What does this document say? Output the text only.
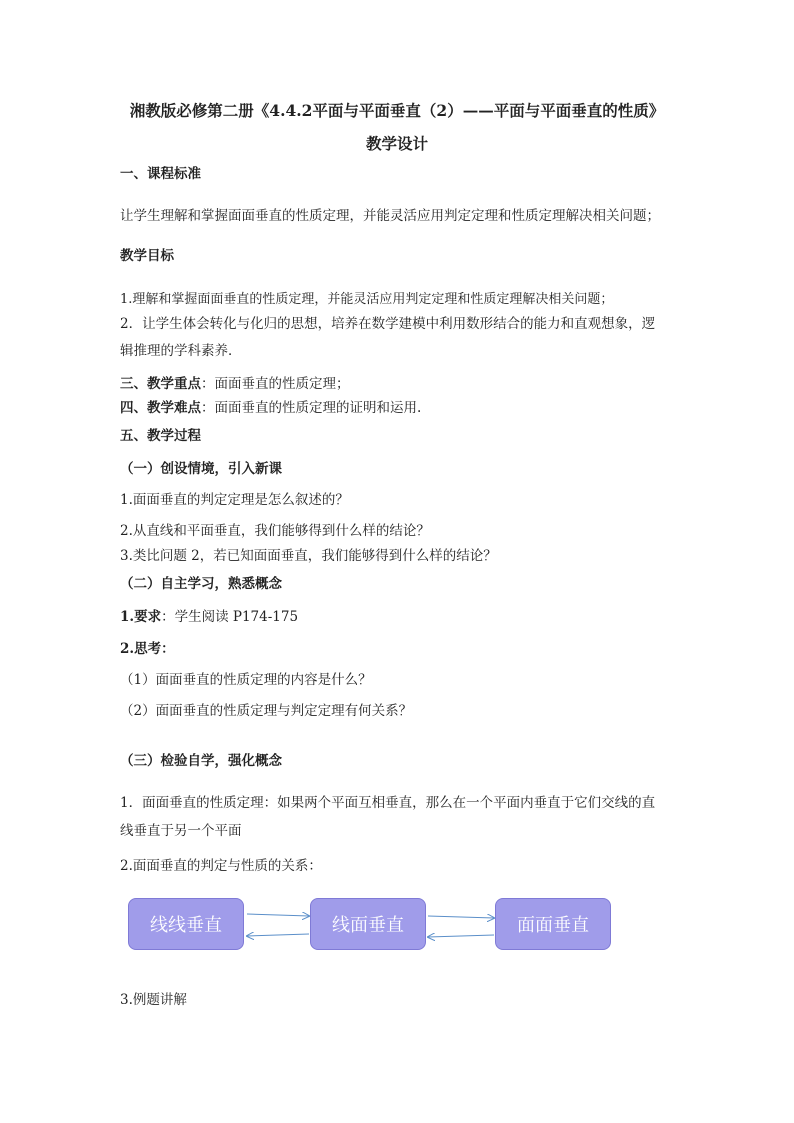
湘教版必修第二册《4.4.2平面与平面垂直（2）——平面与平面垂直的性质》
教学设计
一、课程标准
让学生理解和掌握面面垂直的性质定理，并能灵活应用判定定理和性质定理解决相关问题；
教学目标
1.理解和掌握面面垂直的性质定理，并能灵活应用判定定理和性质定理解决相关问题；
2．让学生体会转化与化归的思想，培养在数学建模中利用数形结合的能力和直观想象，逻
辑推理的学科素养．
三、教学重点：面面垂直的性质定理；
四、教学难点：面面垂直的性质定理的证明和运用.
五、教学过程
（一）创设情境，引入新课
1.面面垂直的判定定理是怎么叙述的？
2.从直线和平面垂直，我们能够得到什么样的结论？
3.类比问题 2，若已知面面垂直，我们能够得到什么样的结论？
（二）自主学习，熟悉概念
1.要求：学生阅读 P174-175
2.思考：
（1）面面垂直的性质定理的内容是什么？
（2）面面垂直的性质定理与判定定理有何关系？
（三）检验自学，强化概念
1．面面垂直的性质定理：如果两个平面互相垂直，那么在一个平面内垂直于它们交线的直
线垂直于另一个平面
2.面面垂直的判定与性质的关系：
线线垂直	线面垂直	面面垂直
3.例题讲解
